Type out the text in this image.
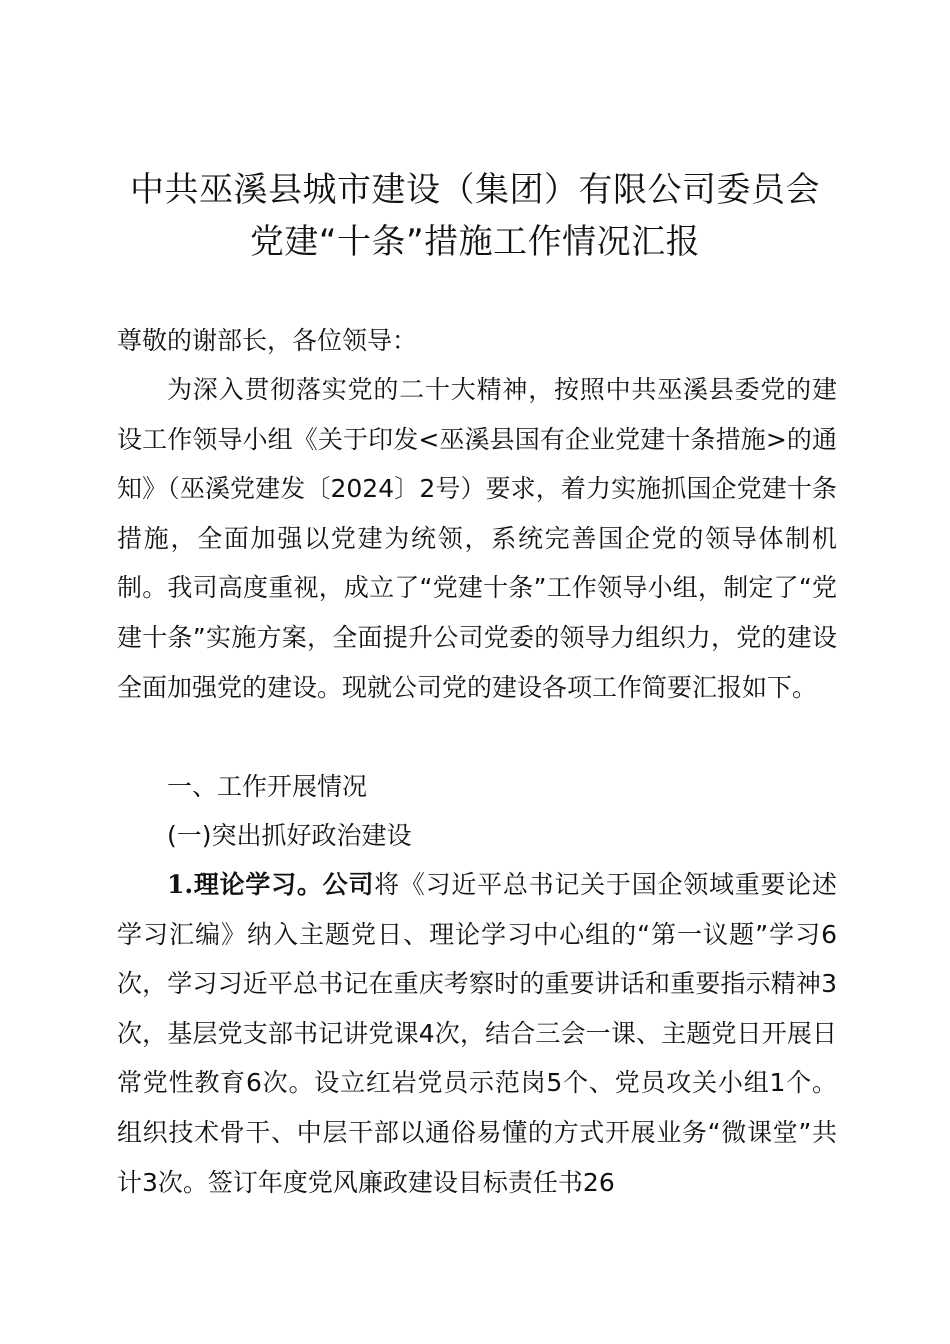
中共巫溪县城市建设（集团）有限公司委员会
党建“十条”措施工作情况汇报
尊敬的谢部长，各位领导：
为深入贯彻落实党的二十大精神，按照中共巫溪县委党的建设工作领导小组《关于印发<巫溪县国有企业党建十条措施>的通知》（巫溪党建发〔2024〕2号）要求，着力实施抓国企党建十条措施，全面加强以党建为统领，系统完善国企党的领导体制机制。我司高度重视，成立了“党建十条”工作领导小组，制定了“党建十条”实施方案，全面提升公司党委的领导力组织力，党的建设全面加强党的建设。现就公司党的建设各项工作简要汇报如下。
一、工作开展情况
(一)突出抓好政治建设
1.理论学习。公司将《习近平总书记关于国企领域重要论述学习汇编》纳入主题党日、理论学习中心组的“第一议题”学习6次，学习习近平总书记在重庆考察时的重要讲话和重要指示精神3次，基层党支部书记讲党课4次，结合三会一课、主题党日开展日常党性教育6次。设立红岩党员示范岗5个、党员攻关小组1个。组织技术骨干、中层干部以通俗易懂的方式开展业务“微课堂”共计3次。签订年度党风廉政建设目标责任书26
